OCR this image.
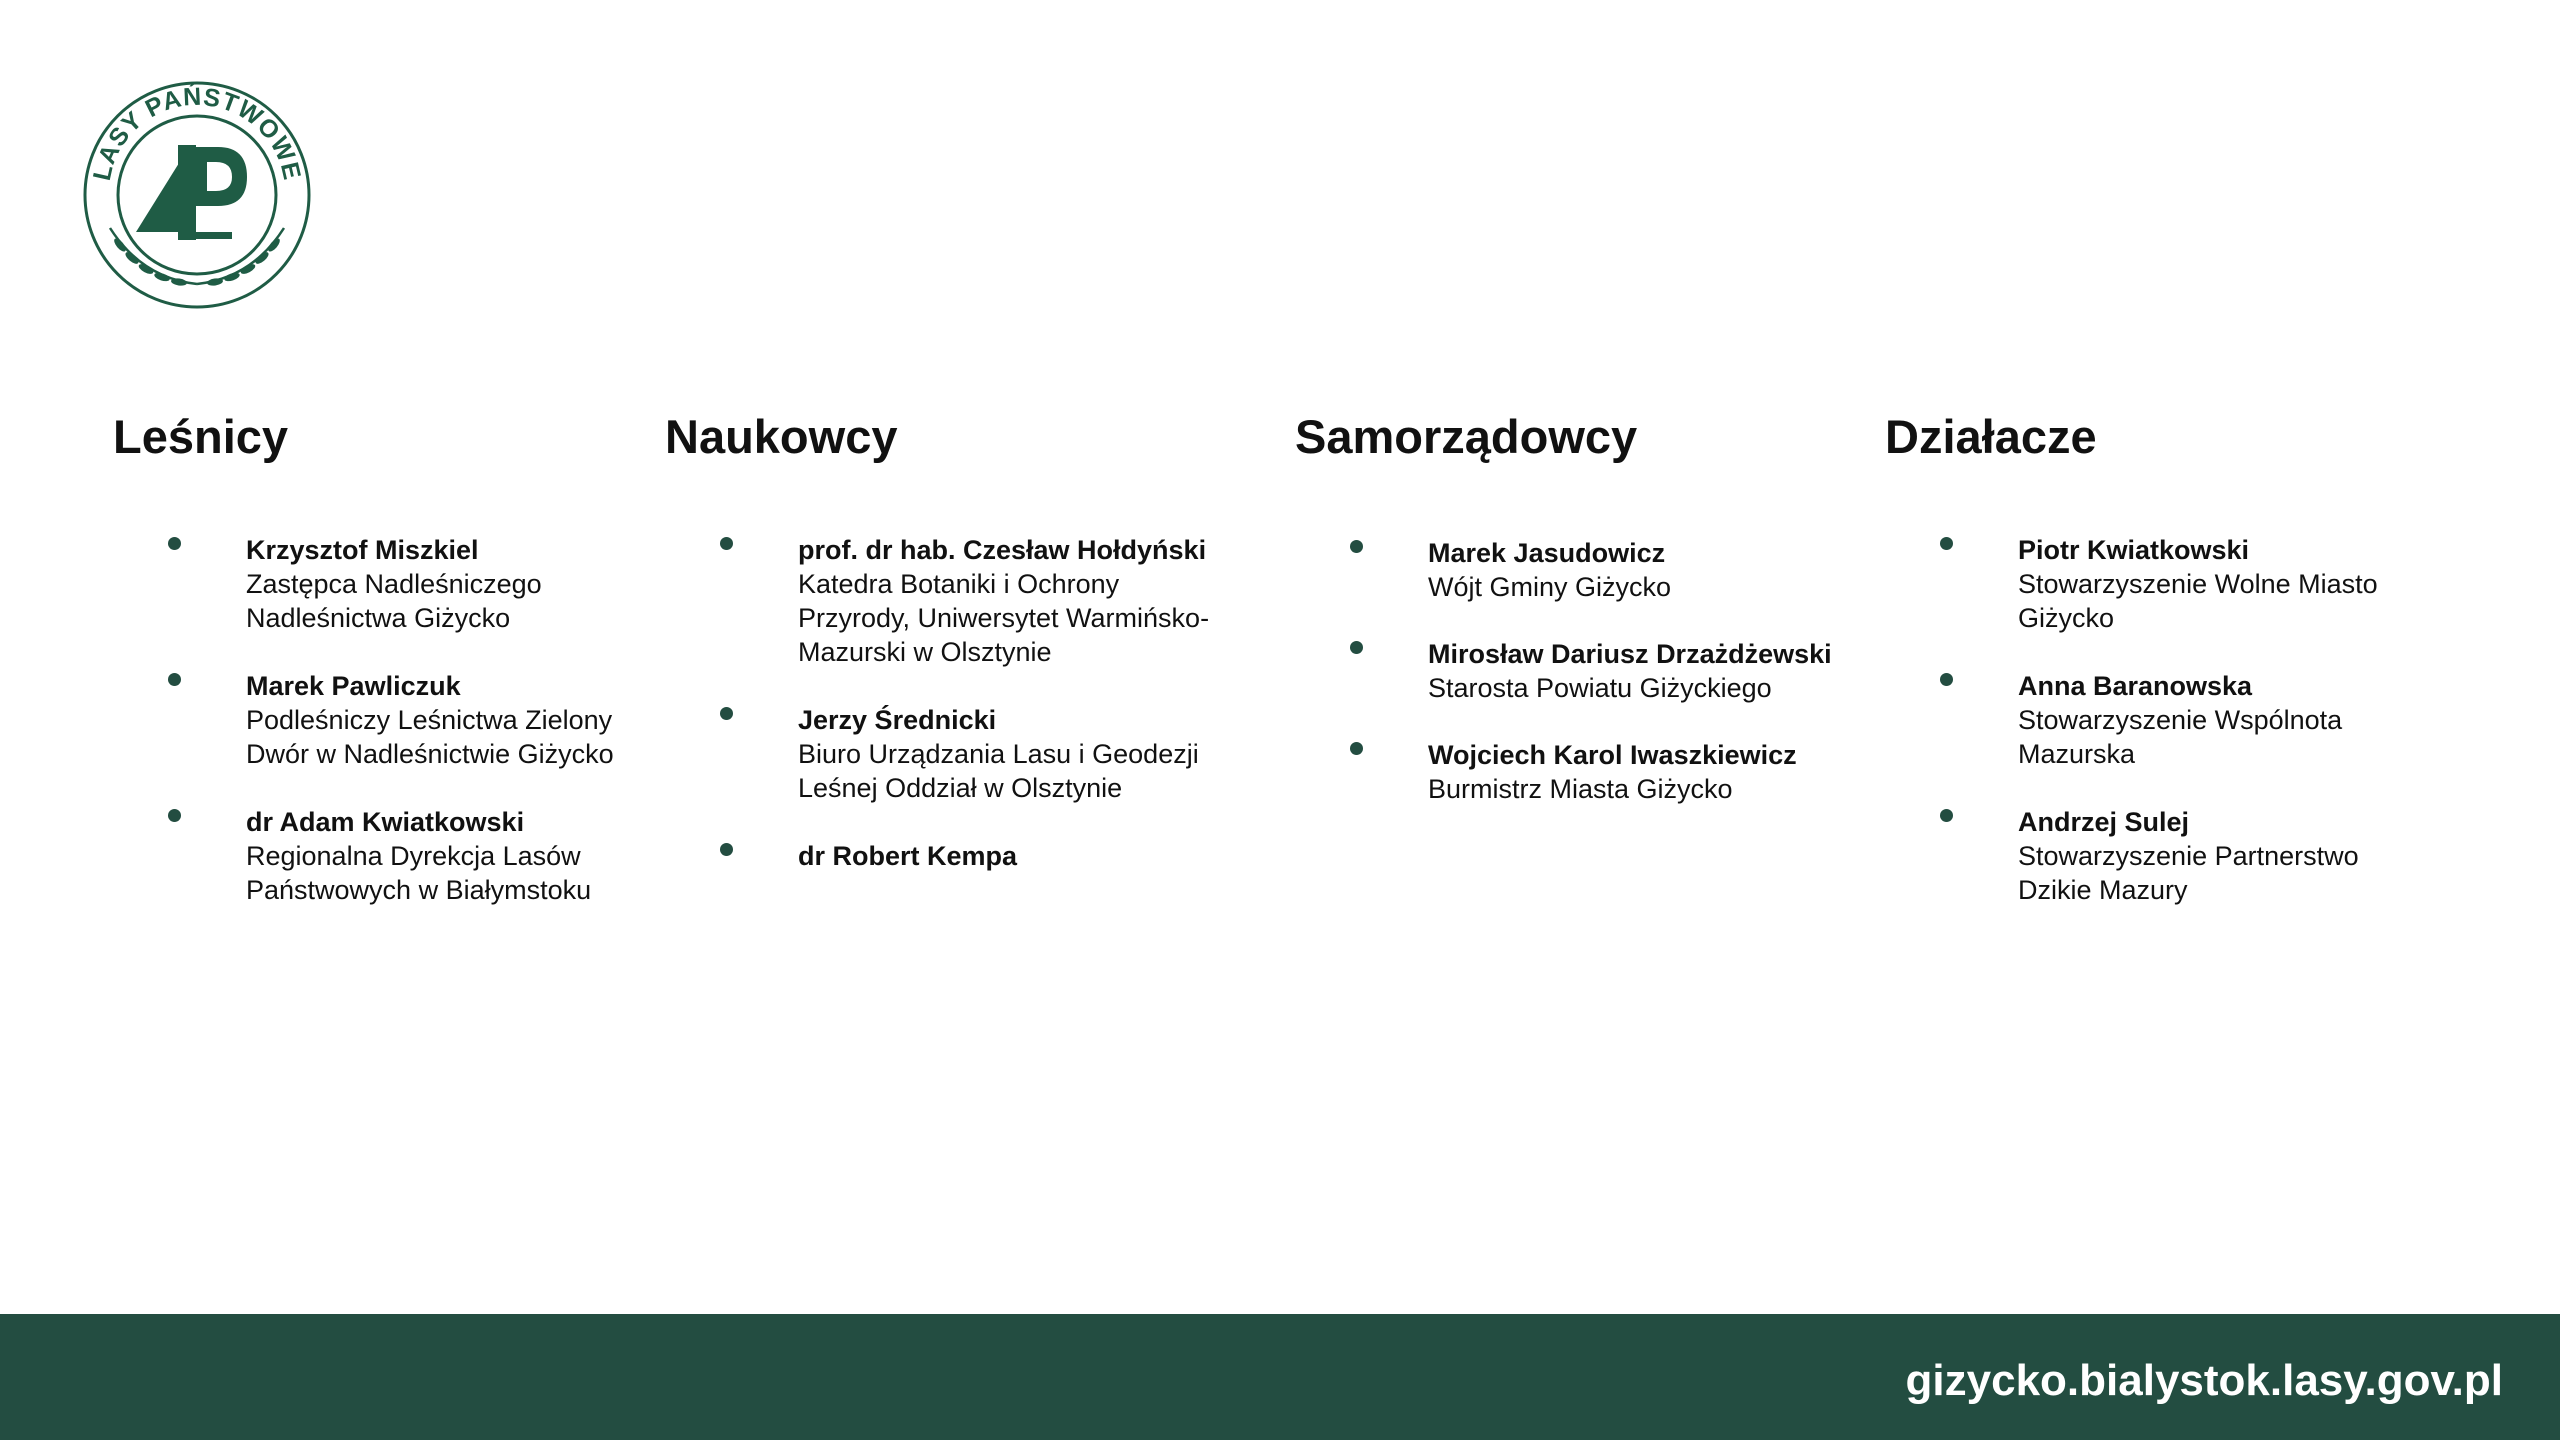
LASY PAŃSTWOWE
Leśnicy
Krzysztof Miszkiel
Zastępca Nadleśniczego Nadleśnictwa Giżycko
Marek Pawliczuk
Podleśniczy Leśnictwa Zielony Dwór w Nadleśnictwie Giżycko
dr Adam Kwiatkowski
Regionalna Dyrekcja Lasów Państwowych w Białymstoku
Naukowcy
prof. dr hab. Czesław Hołdyński
Katedra Botaniki i Ochrony Przyrody, Uniwersytet Warmińsko-Mazurski w Olsztynie
Jerzy Średnicki
Biuro Urządzania Lasu i Geodezji Leśnej Oddział w Olsztynie
dr Robert Kempa
Samorządowcy
Marek Jasudowicz
Wójt Gminy Giżycko
Mirosław Dariusz Drzażdżewski
Starosta Powiatu Giżyckiego
Wojciech Karol Iwaszkiewicz
Burmistrz Miasta Giżycko
Działacze
Piotr Kwiatkowski
Stowarzyszenie Wolne Miasto Giżycko
Anna Baranowska
Stowarzyszenie Wspólnota Mazurska
Andrzej Sulej
Stowarzyszenie Partnerstwo Dzikie Mazury
gizycko.bialystok.lasy.gov.pl
